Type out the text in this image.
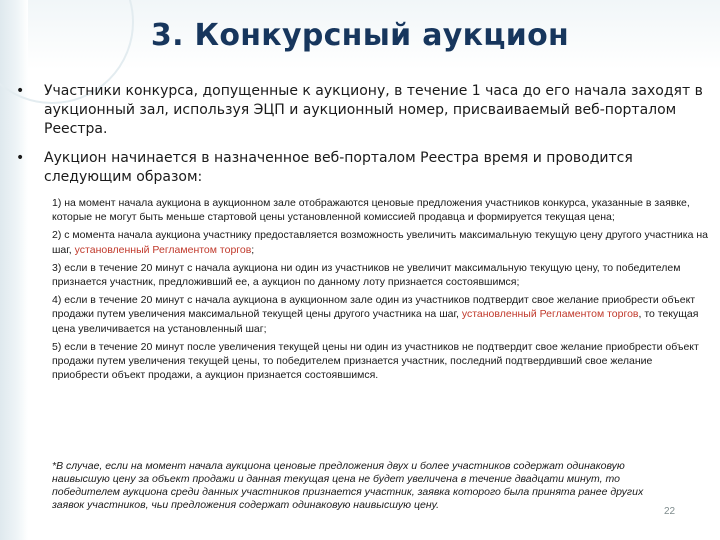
3. Конкурсный аукцион
• Участники конкурса, допущенные к аукциону, в течение 1 часа до его начала заходят в аукционный зал, используя ЭЦП и аукционный номер, присваиваемый веб-порталом Реестра.
• Аукцион начинается в назначенное веб-порталом Реестра время и проводится следующим образом:
1) на момент начала аукциона в аукционном зале отображаются ценовые предложения участников конкурса, указанные в заявке, которые не могут быть меньше стартовой цены установленной комиссией продавца и формируется текущая цена;
2) с момента начала аукциона участнику предоставляется возможность увеличить максимальную текущую цену другого участника на шаг, установленный Регламентом торгов;
3) если в течение 20 минут с начала аукциона ни один из участников не увеличит максимальную текущую цену, то победителем признается участник, предложивший ее, а аукцион по данному лоту признается состоявшимся;
4) если в течение 20 минут с начала аукциона в аукционном зале один из участников подтвердит свое желание приобрести объект продажи путем увеличения максимальной текущей цены другого участника на шаг, установленный Регламентом торгов, то текущая цена увеличивается на установленный шаг;
5) если в течение 20 минут после увеличения текущей цены ни один из участников не подтвердит свое желание приобрести объект продажи путем увеличения текущей цены, то победителем признается участник, последний подтвердивший свое желание приобрести объект продажи, а аукцион признается состоявшимся.
*В случае, если на момент начала аукциона ценовые предложения двух и более участников содержат одинаковую наивысшую цену за объект продажи и данная текущая цена не будет увеличена в течение двадцати минут, то победителем аукциона среди данных участников признается участник, заявка которого была принята ранее других заявок участников, чьи предложения содержат одинаковую наивысшую цену.
22
